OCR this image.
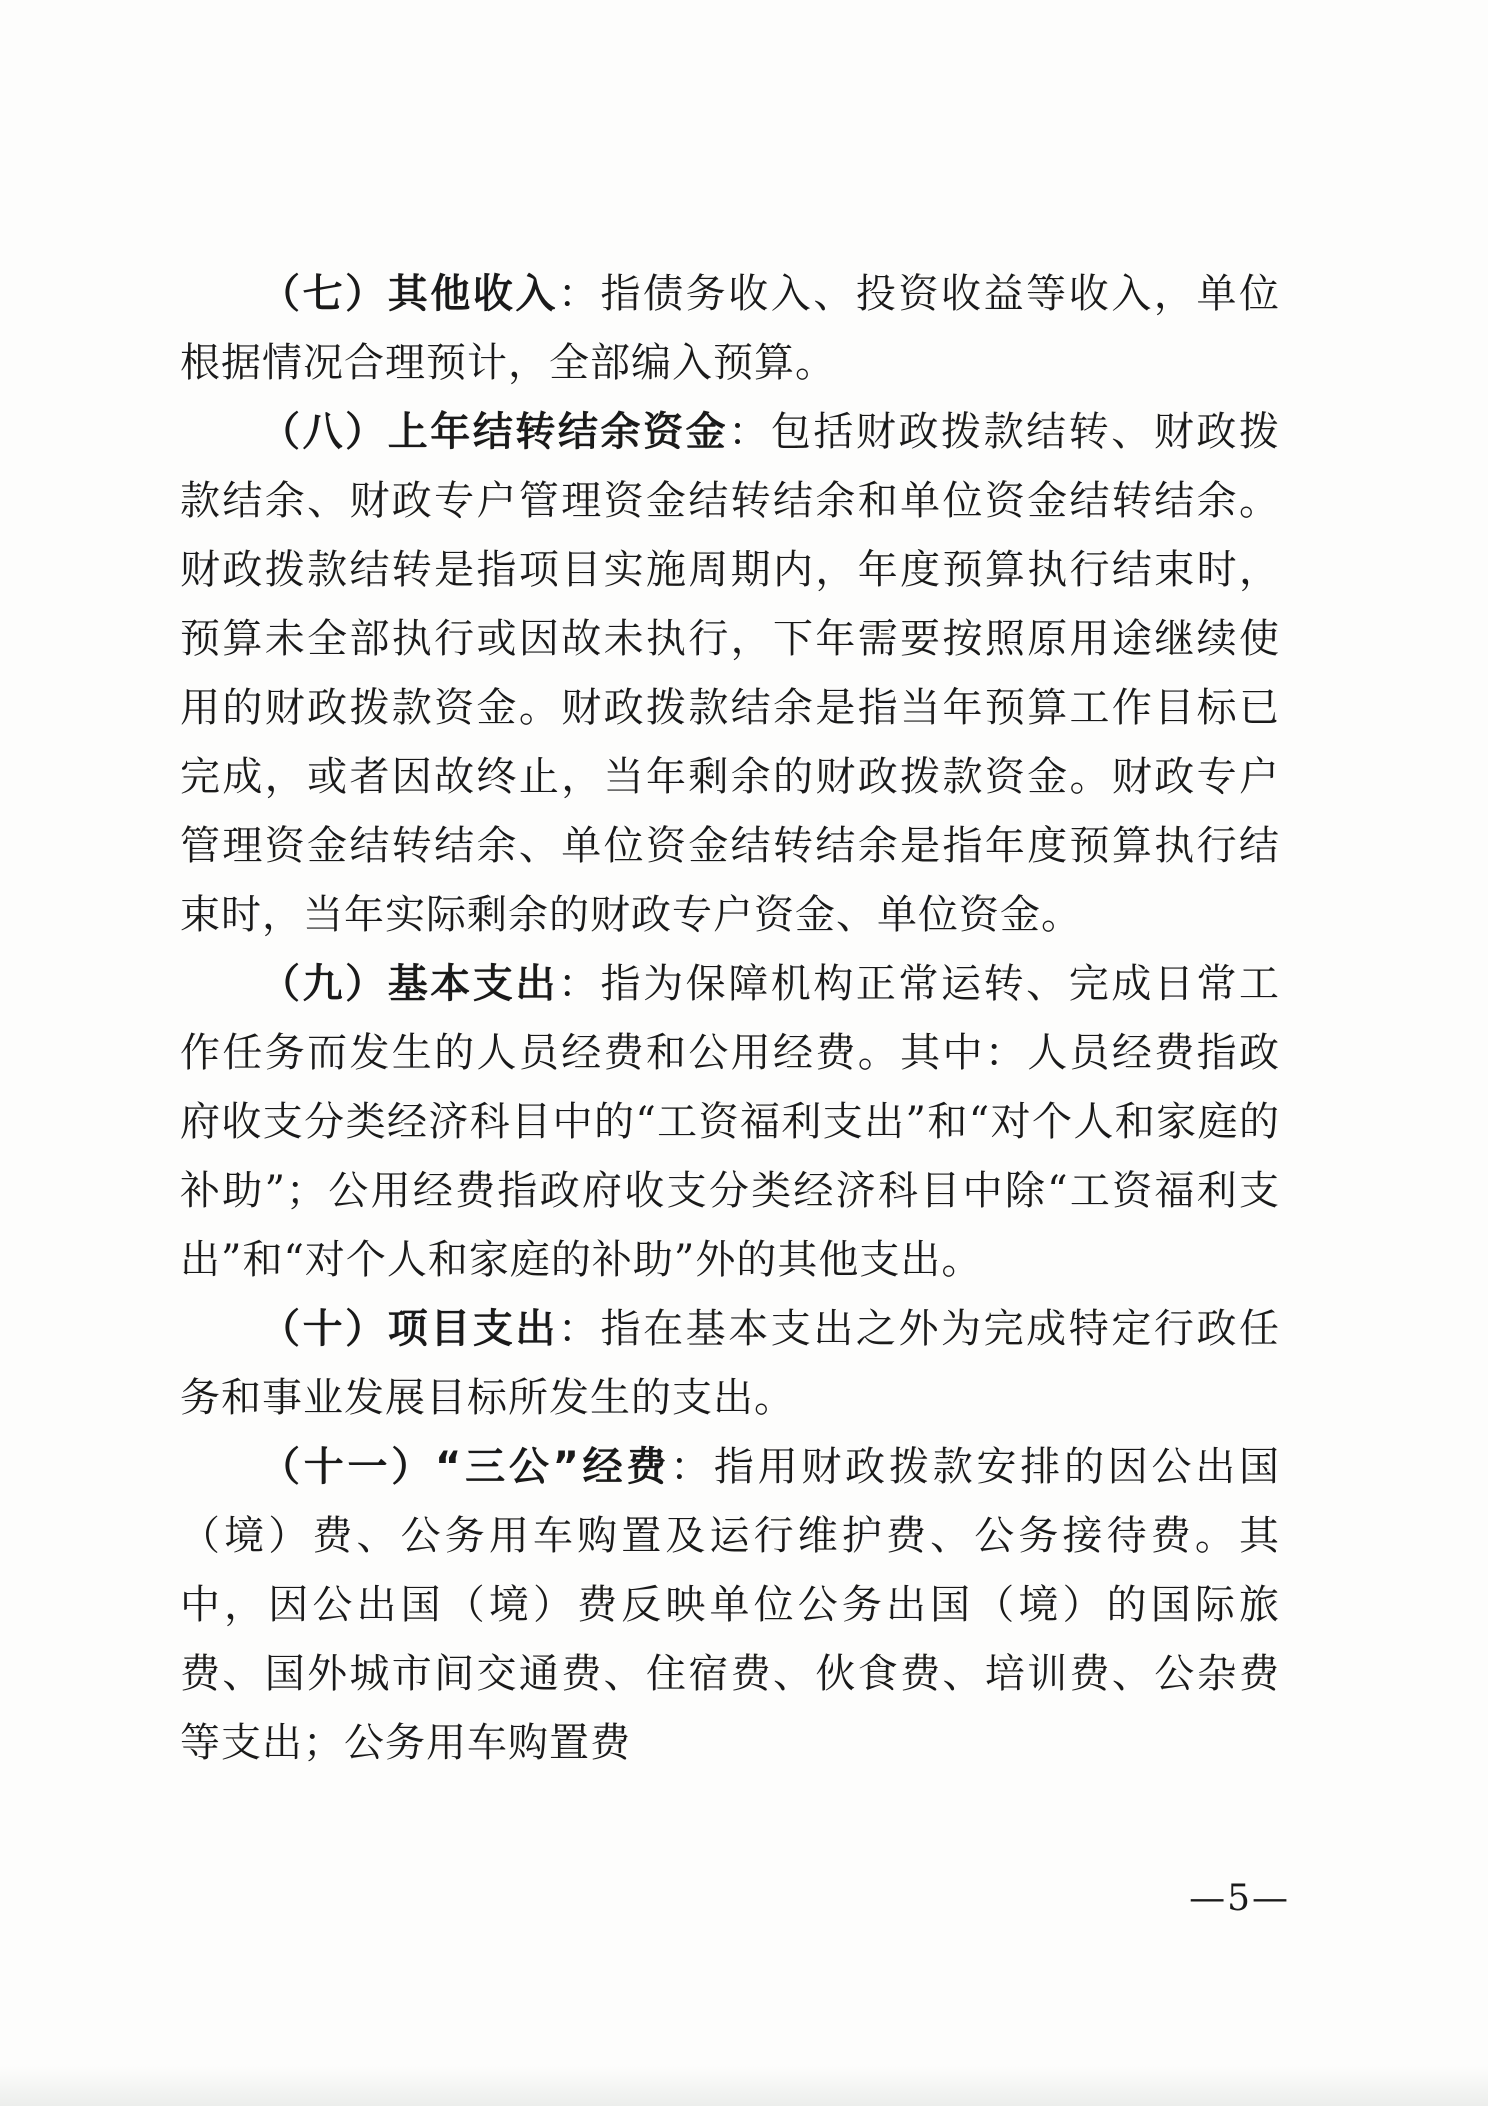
（七）其他收入：指债务收入、投资收益等收入，单位根据情况合理预计，全部编入预算。

（八）上年结转结余资金：包括财政拨款结转、财政拨款结余、财政专户管理资金结转结余和单位资金结转结余。财政拨款结转是指项目实施周期内，年度预算执行结束时，预算未全部执行或因故未执行，下年需要按照原用途继续使用的财政拨款资金。财政拨款结余是指当年预算工作目标已完成，或者因故终止，当年剩余的财政拨款资金。财政专户管理资金结转结余、单位资金结转结余是指年度预算执行结束时，当年实际剩余的财政专户资金、单位资金。

（九）基本支出：指为保障机构正常运转、完成日常工作任务而发生的人员经费和公用经费。其中：人员经费指政府收支分类经济科目中的“工资福利支出”和“对个人和家庭的补助”；公用经费指政府收支分类经济科目中除“工资福利支出”和“对个人和家庭的补助”外的其他支出。

（十）项目支出：指在基本支出之外为完成特定行政任务和事业发展目标所发生的支出。

（十一）“三公”经费：指用财政拨款安排的因公出国（境）费、公务用车购置及运行维护费、公务接待费。其中，因公出国（境）费反映单位公务出国（境）的国际旅费、国外城市间交通费、住宿费、伙食费、培训费、公杂费等支出；公务用车购置费

—5—
